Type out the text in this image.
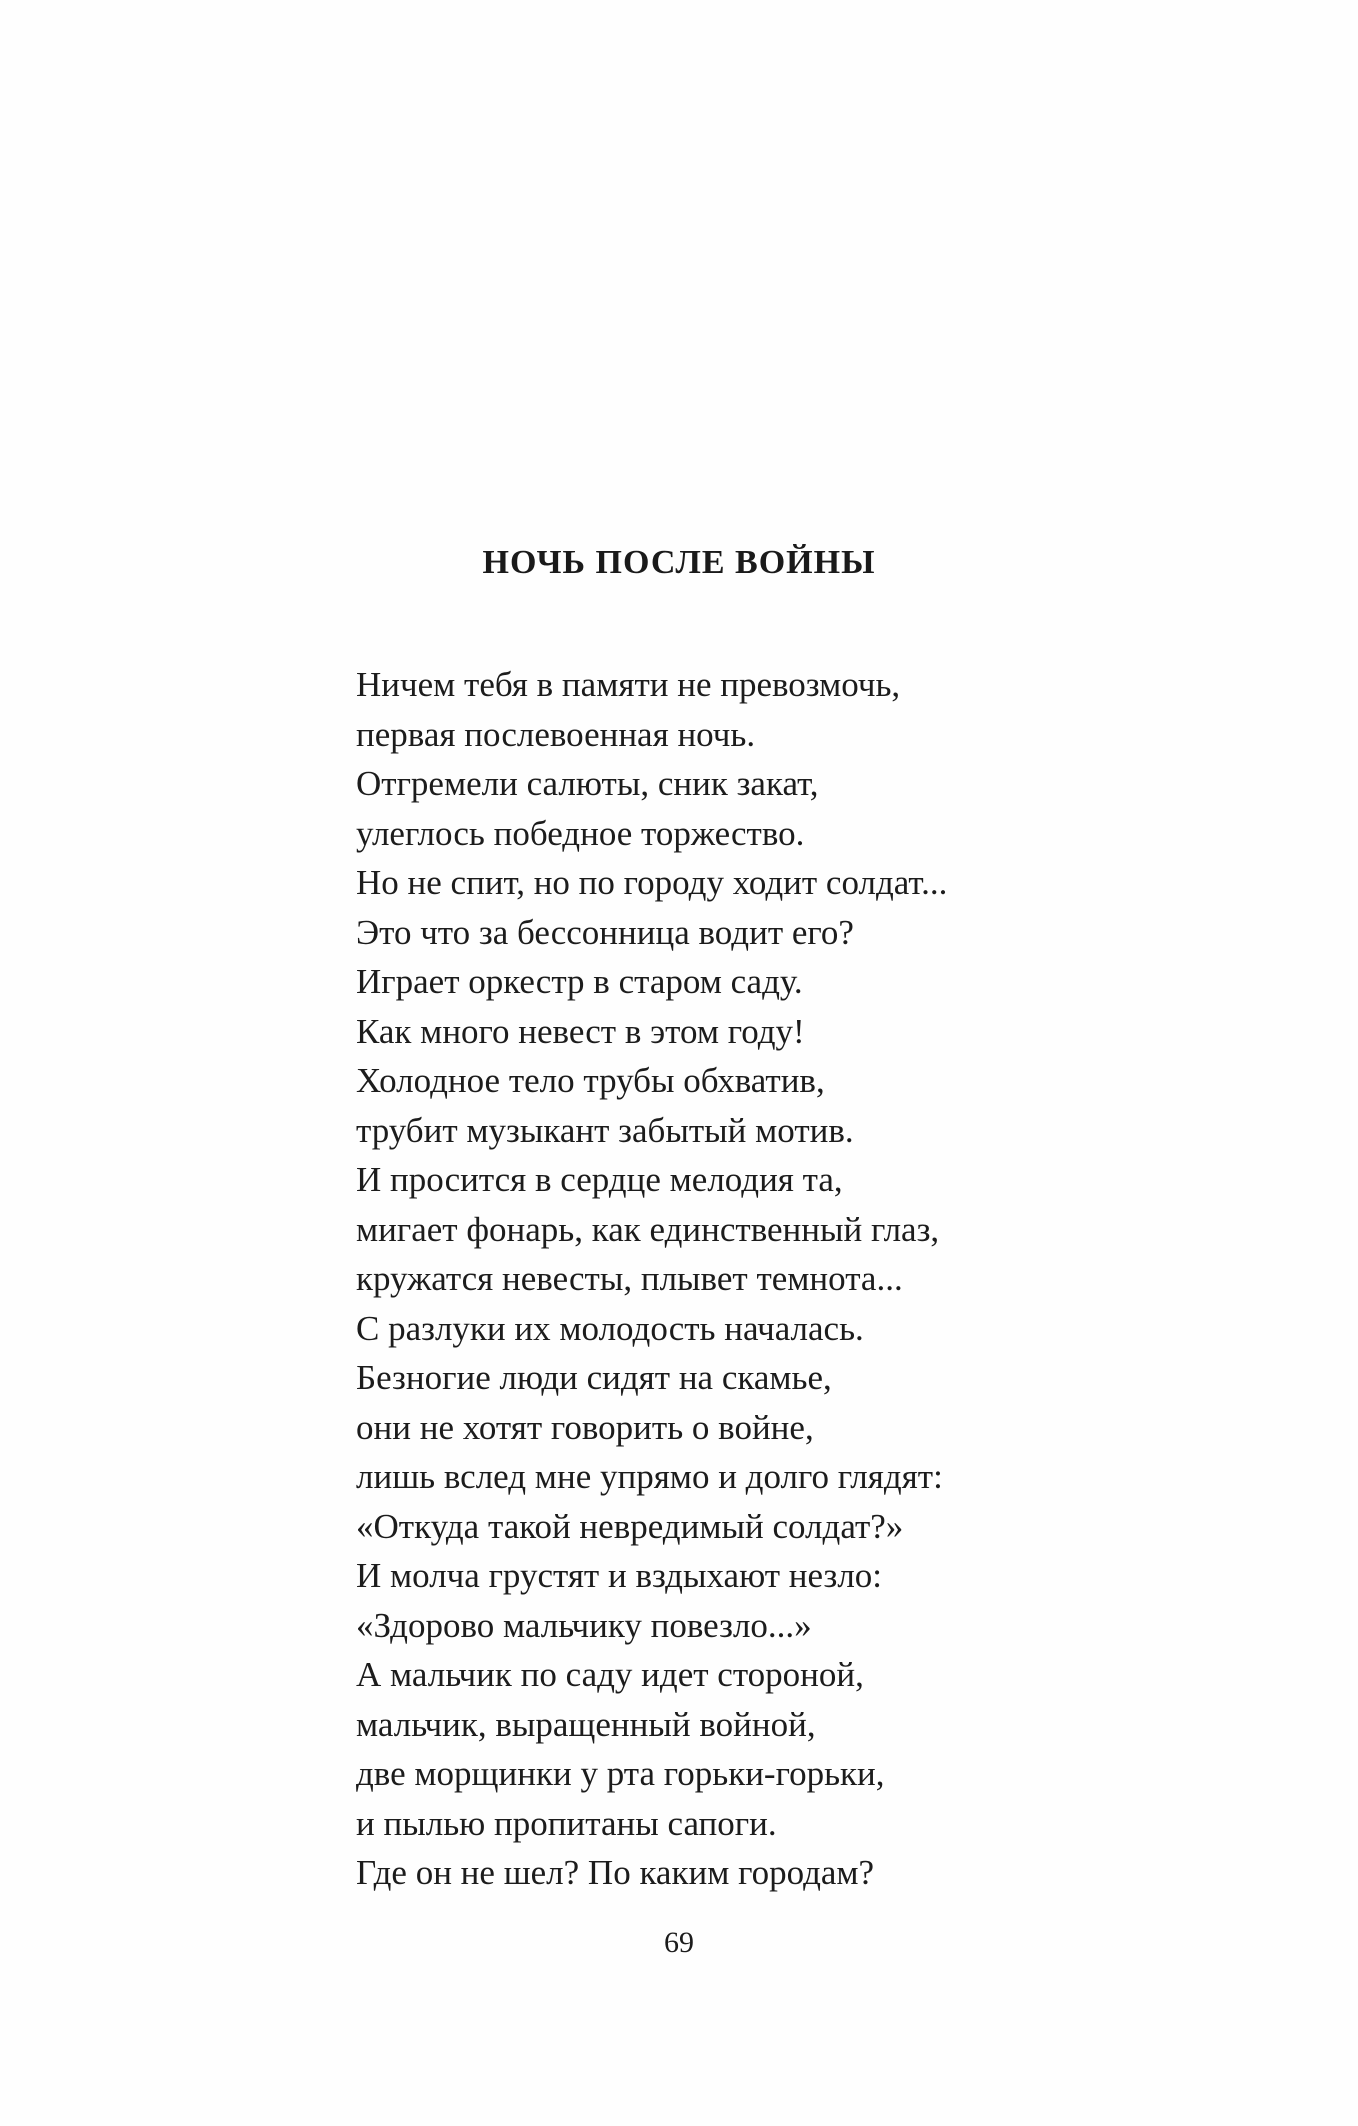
НОЧЬ ПОСЛЕ ВОЙНЫ
Ничем тебя в памяти не превозмочь,
первая послевоенная ночь.
Отгремели салюты, сник закат,
улеглось победное торжество.
Но не спит, но по городу ходит солдат...
Это что за бессонница водит его?
Играет оркестр в старом саду.
Как много невест в этом году!
Холодное тело трубы обхватив,
трубит музыкант забытый мотив.
И просится в сердце мелодия та,
мигает фонарь, как единственный глаз,
кружатся невесты, плывет темнота...
С разлуки их молодость началась.
Безногие люди сидят на скамье,
они не хотят говорить о войне,
лишь вслед мне упрямо и долго глядят:
«Откуда такой невредимый солдат?»
И молча грустят и вздыхают незло:
«Здорово мальчику повезло...»
А мальчик по саду идет стороной,
мальчик, выращенный войной,
две морщинки у рта горьки-горьки,
и пылью пропитаны сапоги.
Где он не шел? По каким городам?
69
